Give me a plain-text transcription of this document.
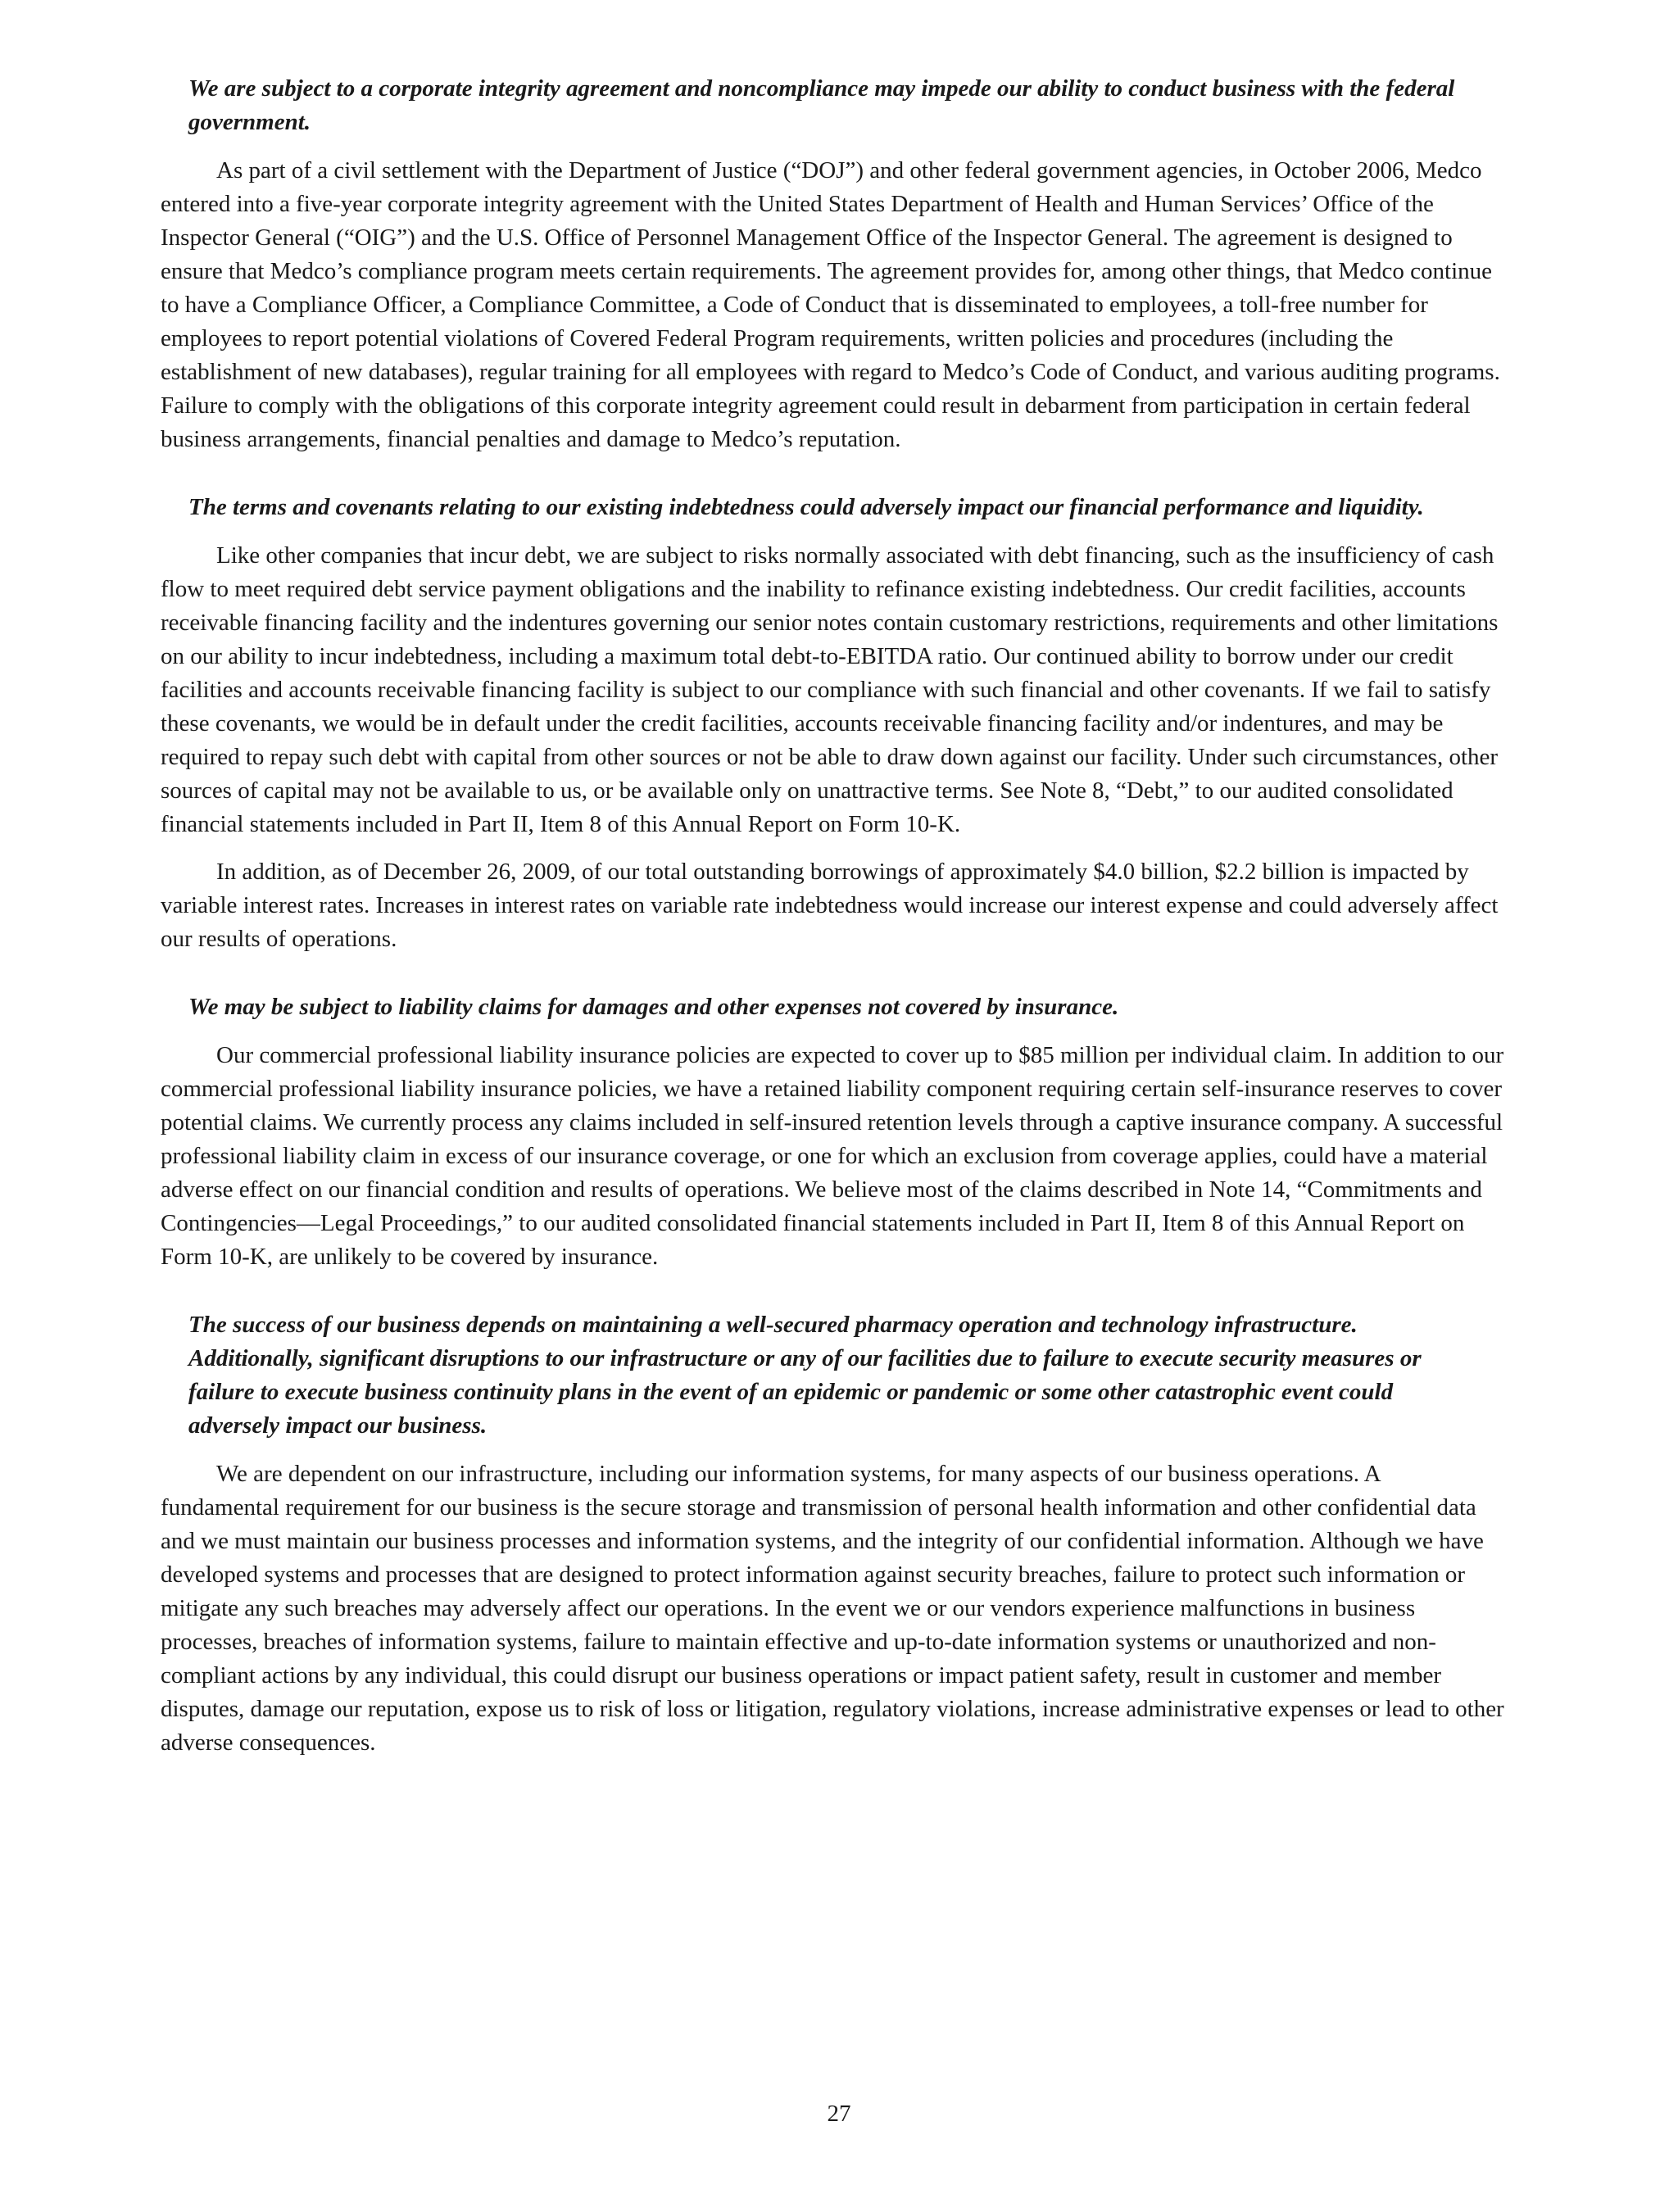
We are subject to a corporate integrity agreement and noncompliance may impede our ability to conduct business with the federal government.

As part of a civil settlement with the Department of Justice (“DOJ”) and other federal government agencies, in October 2006, Medco entered into a five-year corporate integrity agreement with the United States Department of Health and Human Services’ Office of the Inspector General (“OIG”) and the U.S. Office of Personnel Management Office of the Inspector General. The agreement is designed to ensure that Medco’s compliance program meets certain requirements. The agreement provides for, among other things, that Medco continue to have a Compliance Officer, a Compliance Committee, a Code of Conduct that is disseminated to employees, a toll-free number for employees to report potential violations of Covered Federal Program requirements, written policies and procedures (including the establishment of new databases), regular training for all employees with regard to Medco’s Code of Conduct, and various auditing programs. Failure to comply with the obligations of this corporate integrity agreement could result in debarment from participation in certain federal business arrangements, financial penalties and damage to Medco’s reputation.

The terms and covenants relating to our existing indebtedness could adversely impact our financial performance and liquidity.

Like other companies that incur debt, we are subject to risks normally associated with debt financing, such as the insufficiency of cash flow to meet required debt service payment obligations and the inability to refinance existing indebtedness. Our credit facilities, accounts receivable financing facility and the indentures governing our senior notes contain customary restrictions, requirements and other limitations on our ability to incur indebtedness, including a maximum total debt-to-EBITDA ratio. Our continued ability to borrow under our credit facilities and accounts receivable financing facility is subject to our compliance with such financial and other covenants. If we fail to satisfy these covenants, we would be in default under the credit facilities, accounts receivable financing facility and/or indentures, and may be required to repay such debt with capital from other sources or not be able to draw down against our facility. Under such circumstances, other sources of capital may not be available to us, or be available only on unattractive terms. See Note 8, “Debt,” to our audited consolidated financial statements included in Part II, Item 8 of this Annual Report on Form 10-K.

In addition, as of December 26, 2009, of our total outstanding borrowings of approximately $4.0 billion, $2.2 billion is impacted by variable interest rates. Increases in interest rates on variable rate indebtedness would increase our interest expense and could adversely affect our results of operations.

We may be subject to liability claims for damages and other expenses not covered by insurance.

Our commercial professional liability insurance policies are expected to cover up to $85 million per individual claim. In addition to our commercial professional liability insurance policies, we have a retained liability component requiring certain self-insurance reserves to cover potential claims. We currently process any claims included in self-insured retention levels through a captive insurance company. A successful professional liability claim in excess of our insurance coverage, or one for which an exclusion from coverage applies, could have a material adverse effect on our financial condition and results of operations. We believe most of the claims described in Note 14, “Commitments and Contingencies—Legal Proceedings,” to our audited consolidated financial statements included in Part II, Item 8 of this Annual Report on Form 10-K, are unlikely to be covered by insurance.

The success of our business depends on maintaining a well-secured pharmacy operation and technology infrastructure. Additionally, significant disruptions to our infrastructure or any of our facilities due to failure to execute security measures or failure to execute business continuity plans in the event of an epidemic or pandemic or some other catastrophic event could adversely impact our business.

We are dependent on our infrastructure, including our information systems, for many aspects of our business operations. A fundamental requirement for our business is the secure storage and transmission of personal health information and other confidential data and we must maintain our business processes and information systems, and the integrity of our confidential information. Although we have developed systems and processes that are designed to protect information against security breaches, failure to protect such information or mitigate any such breaches may adversely affect our operations. In the event we or our vendors experience malfunctions in business processes, breaches of information systems, failure to maintain effective and up-to-date information systems or unauthorized and non-compliant actions by any individual, this could disrupt our business operations or impact patient safety, result in customer and member disputes, damage our reputation, expose us to risk of loss or litigation, regulatory violations, increase administrative expenses or lead to other adverse consequences.

27
